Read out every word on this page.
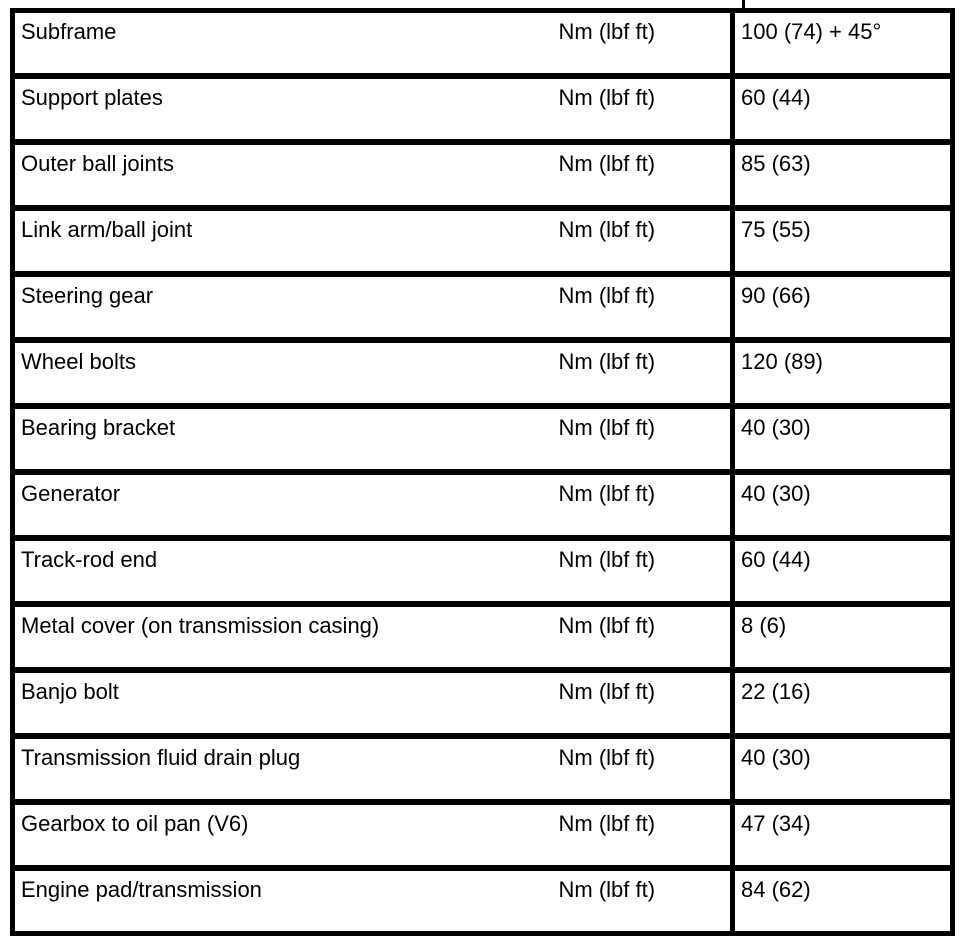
Subframe	Nm (lbf ft)	100 (74) + 45°
Support plates	Nm (lbf ft)	60 (44)
Outer ball joints	Nm (lbf ft)	85 (63)
Link arm/ball joint	Nm (lbf ft)	75 (55)
Steering gear	Nm (lbf ft)	90 (66)
Wheel bolts	Nm (lbf ft)	120 (89)
Bearing bracket	Nm (lbf ft)	40 (30)
Generator	Nm (lbf ft)	40 (30)
Track-rod end	Nm (lbf ft)	60 (44)
Metal cover (on transmission casing)	Nm (lbf ft)	8 (6)
Banjo bolt	Nm (lbf ft)	22 (16)
Transmission fluid drain plug	Nm (lbf ft)	40 (30)
Gearbox to oil pan (V6)	Nm (lbf ft)	47 (34)
Engine pad/transmission	Nm (lbf ft)	84 (62)
